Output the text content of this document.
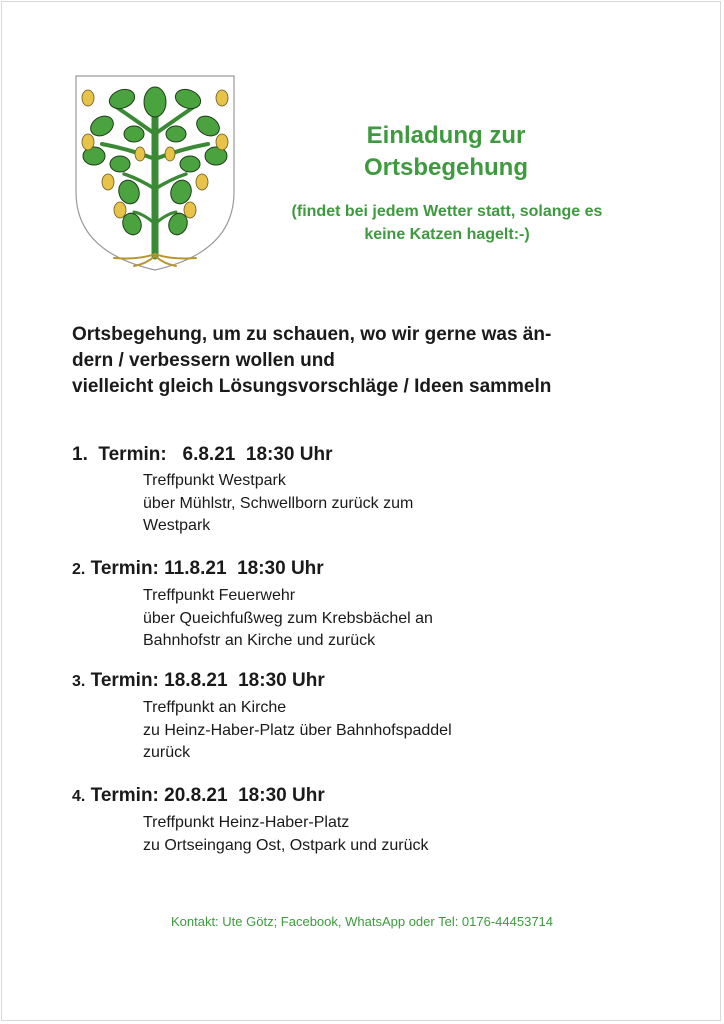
Einladung zur
Ortsbegehung
(findet bei jedem Wetter statt, solange es
keine Katzen hagelt:-)
Ortsbegehung, um zu schauen, wo wir gerne was än-
dern / verbessern wollen und
vielleicht gleich Lösungsvorschläge / Ideen sammeln
1.  Termin:   6.8.21  18:30 Uhr
Treffpunkt Westpark
über Mühlstr, Schwellborn zurück zum
Westpark
2. Termin: 11.8.21  18:30 Uhr
Treffpunkt Feuerwehr
über Queichfußweg zum Krebsbächel an
Bahnhofstr an Kirche und zurück
3. Termin: 18.8.21  18:30 Uhr
Treffpunkt an Kirche
zu Heinz-Haber-Platz über Bahnhofspaddel
zurück
4. Termin: 20.8.21  18:30 Uhr
Treffpunkt Heinz-Haber-Platz
zu Ortseingang Ost, Ostpark und zurück
Kontakt: Ute Götz; Facebook, WhatsApp oder Tel: 0176-44453714
